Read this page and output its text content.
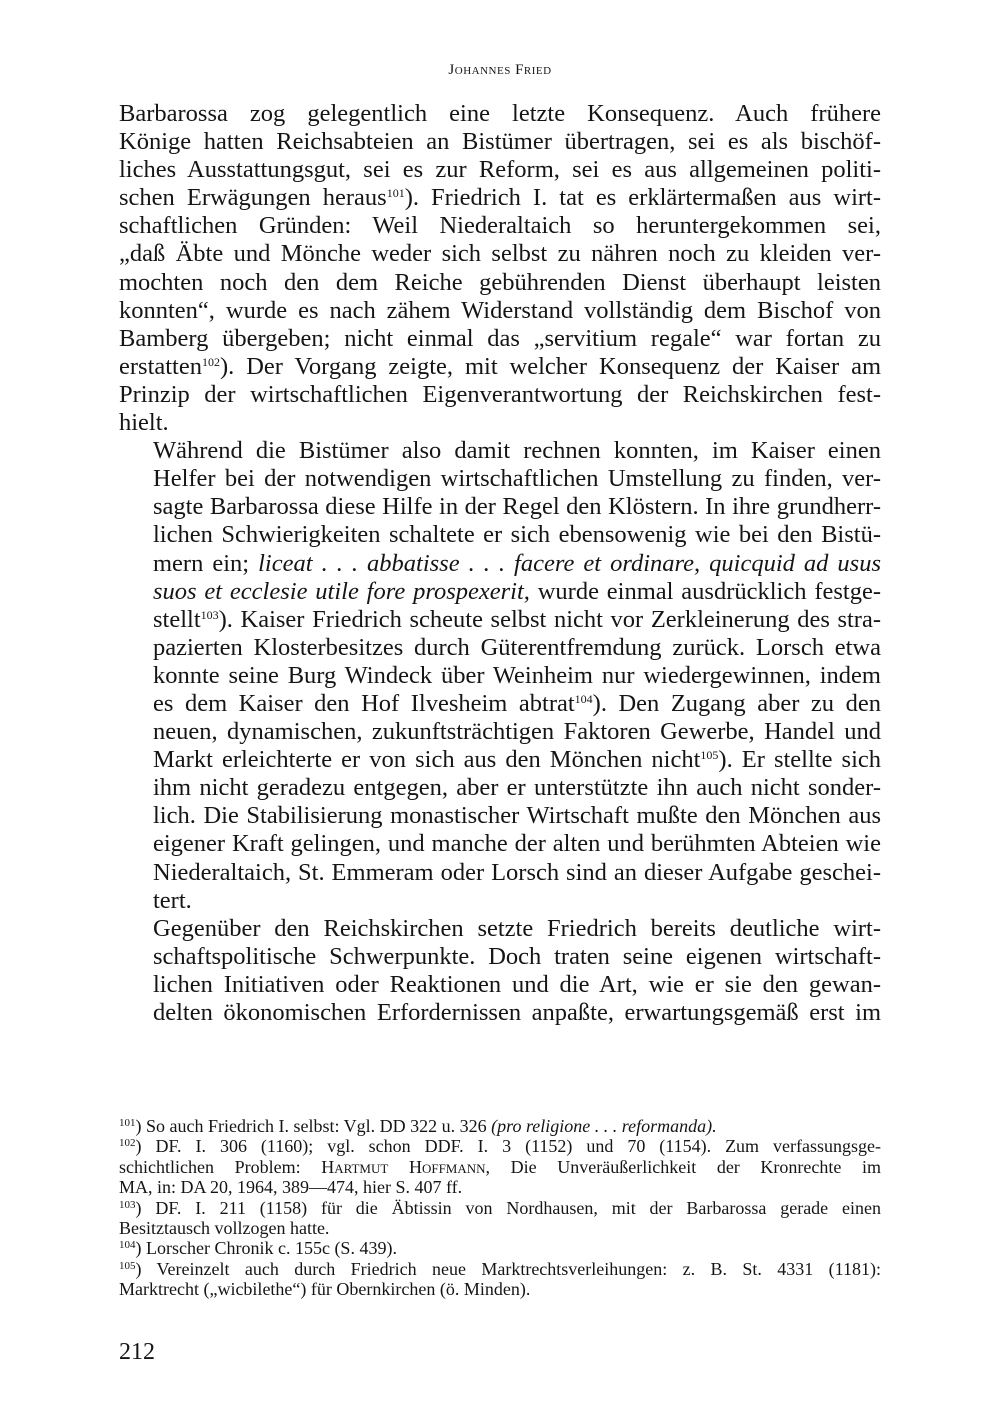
Johannes Fried

Barbarossa zog gelegentlich eine letzte Konsequenz. Auch frühere
Könige hatten Reichsabteien an Bistümer übertragen, sei es als bischöf-
liches Ausstattungsgut, sei es zur Reform, sei es aus allgemeinen politi-
schen Erwägungen heraus$^{101}$). Friedrich I. tat es erklärtermaßen aus wirt-
schaftlichen Gründen: Weil Niederaltaich so heruntergekommen sei,
„daß Äbte und Mönche weder sich selbst zu nähren noch zu kleiden ver-
mochten noch den dem Reiche gebührenden Dienst überhaupt leisten
konnten“, wurde es nach zähem Widerstand vollständig dem Bischof von
Bamberg übergeben; nicht einmal das „servitium regale“ war fortan zu
erstatten$^{102}$). Der Vorgang zeigte, mit welcher Konsequenz der Kaiser am
Prinzip der wirtschaftlichen Eigenverantwortung der Reichskirchen fest-
hielt.

Während die Bistümer also damit rechnen konnten, im Kaiser einen
Helfer bei der notwendigen wirtschaftlichen Umstellung zu finden, ver-
sagte Barbarossa diese Hilfe in der Regel den Klöstern. In ihre grundherr-
lichen Schwierigkeiten schaltete er sich ebensowenig wie bei den Bistü-
mern ein; liceat . . . abbatisse . . . facere et ordinare, quicquid ad usus
suos et ecclesie utile fore prospexerit, wurde einmal ausdrücklich festge-
stellt$^{103}$). Kaiser Friedrich scheute selbst nicht vor Zerkleinerung des stra-
pazierten Klosterbesitzes durch Güterentfremdung zurück. Lorsch etwa
konnte seine Burg Windeck über Weinheim nur wiedergewinnen, indem
es dem Kaiser den Hof Ilvesheim abtrat$^{104}$). Den Zugang aber zu den
neuen, dynamischen, zukunftsträchtigen Faktoren Gewerbe, Handel und
Markt erleichterte er von sich aus den Mönchen nicht$^{105}$). Er stellte sich
ihm nicht geradezu entgegen, aber er unterstützte ihn auch nicht sonder-
lich. Die Stabilisierung monastischer Wirtschaft mußte den Mönchen aus
eigener Kraft gelingen, und manche der alten und berühmten Abteien wie
Niederaltaich, St. Emmeram oder Lorsch sind an dieser Aufgabe geschei-
tert.

Gegenüber den Reichskirchen setzte Friedrich bereits deutliche wirt-
schaftspolitische Schwerpunkte. Doch traten seine eigenen wirtschaft-
lichen Initiativen oder Reaktionen und die Art, wie er sie den gewan-
delten ökonomischen Erfordernissen anpaßte, erwartungsgemäß erst im

$^{101}$) So auch Friedrich I. selbst: Vgl. DD 322 u. 326 (pro religione . . . reformanda).

$^{102}$) DF. I. 306 (1160); vgl. schon DDF. I. 3 (1152) und 70 (1154). Zum verfassungsge-
schichtlichen Problem: Hartmut Hoffmann, Die Unveräußerlichkeit der Kronrechte im
MA, in: DA 20, 1964, 389—474, hier S. 407 ff.

$^{103}$) DF. I. 211 (1158) für die Äbtissin von Nordhausen, mit der Barbarossa gerade einen
Besitztausch vollzogen hatte.

$^{104}$) Lorscher Chronik c. 155c (S. 439).

$^{105}$) Vereinzelt auch durch Friedrich neue Marktrechtsverleihungen: z. B. St. 4331 (1181):
Marktrecht („wicbilethe“) für Obernkirchen (ö. Minden).

212
